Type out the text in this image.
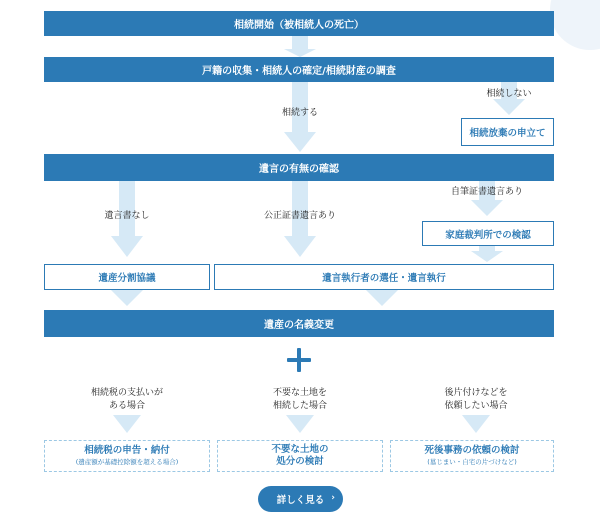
相続開始（被相続人の死亡）
戸籍の収集・相続人の確定/相続財産の調査
相続する
相続しない
相続放棄の申立て
遺言の有無の確認
遺言書なし	公正証書遺言あり
自筆証書遺言あり
家庭裁判所での検認
遺産分割協議	遺言執行者の選任・遺言執行
遺産の名義変更
相続税の支払いが
ある場合
不要な土地を
相続した場合
後片付けなどを
依頼したい場合
相続税の申告・納付
(遺産額が基礎控除額を超える場合)
不要な土地の
処分の検討
死後事務の依頼の検討
(墓じまい・自宅の片づけなど)
詳しく見る ›
